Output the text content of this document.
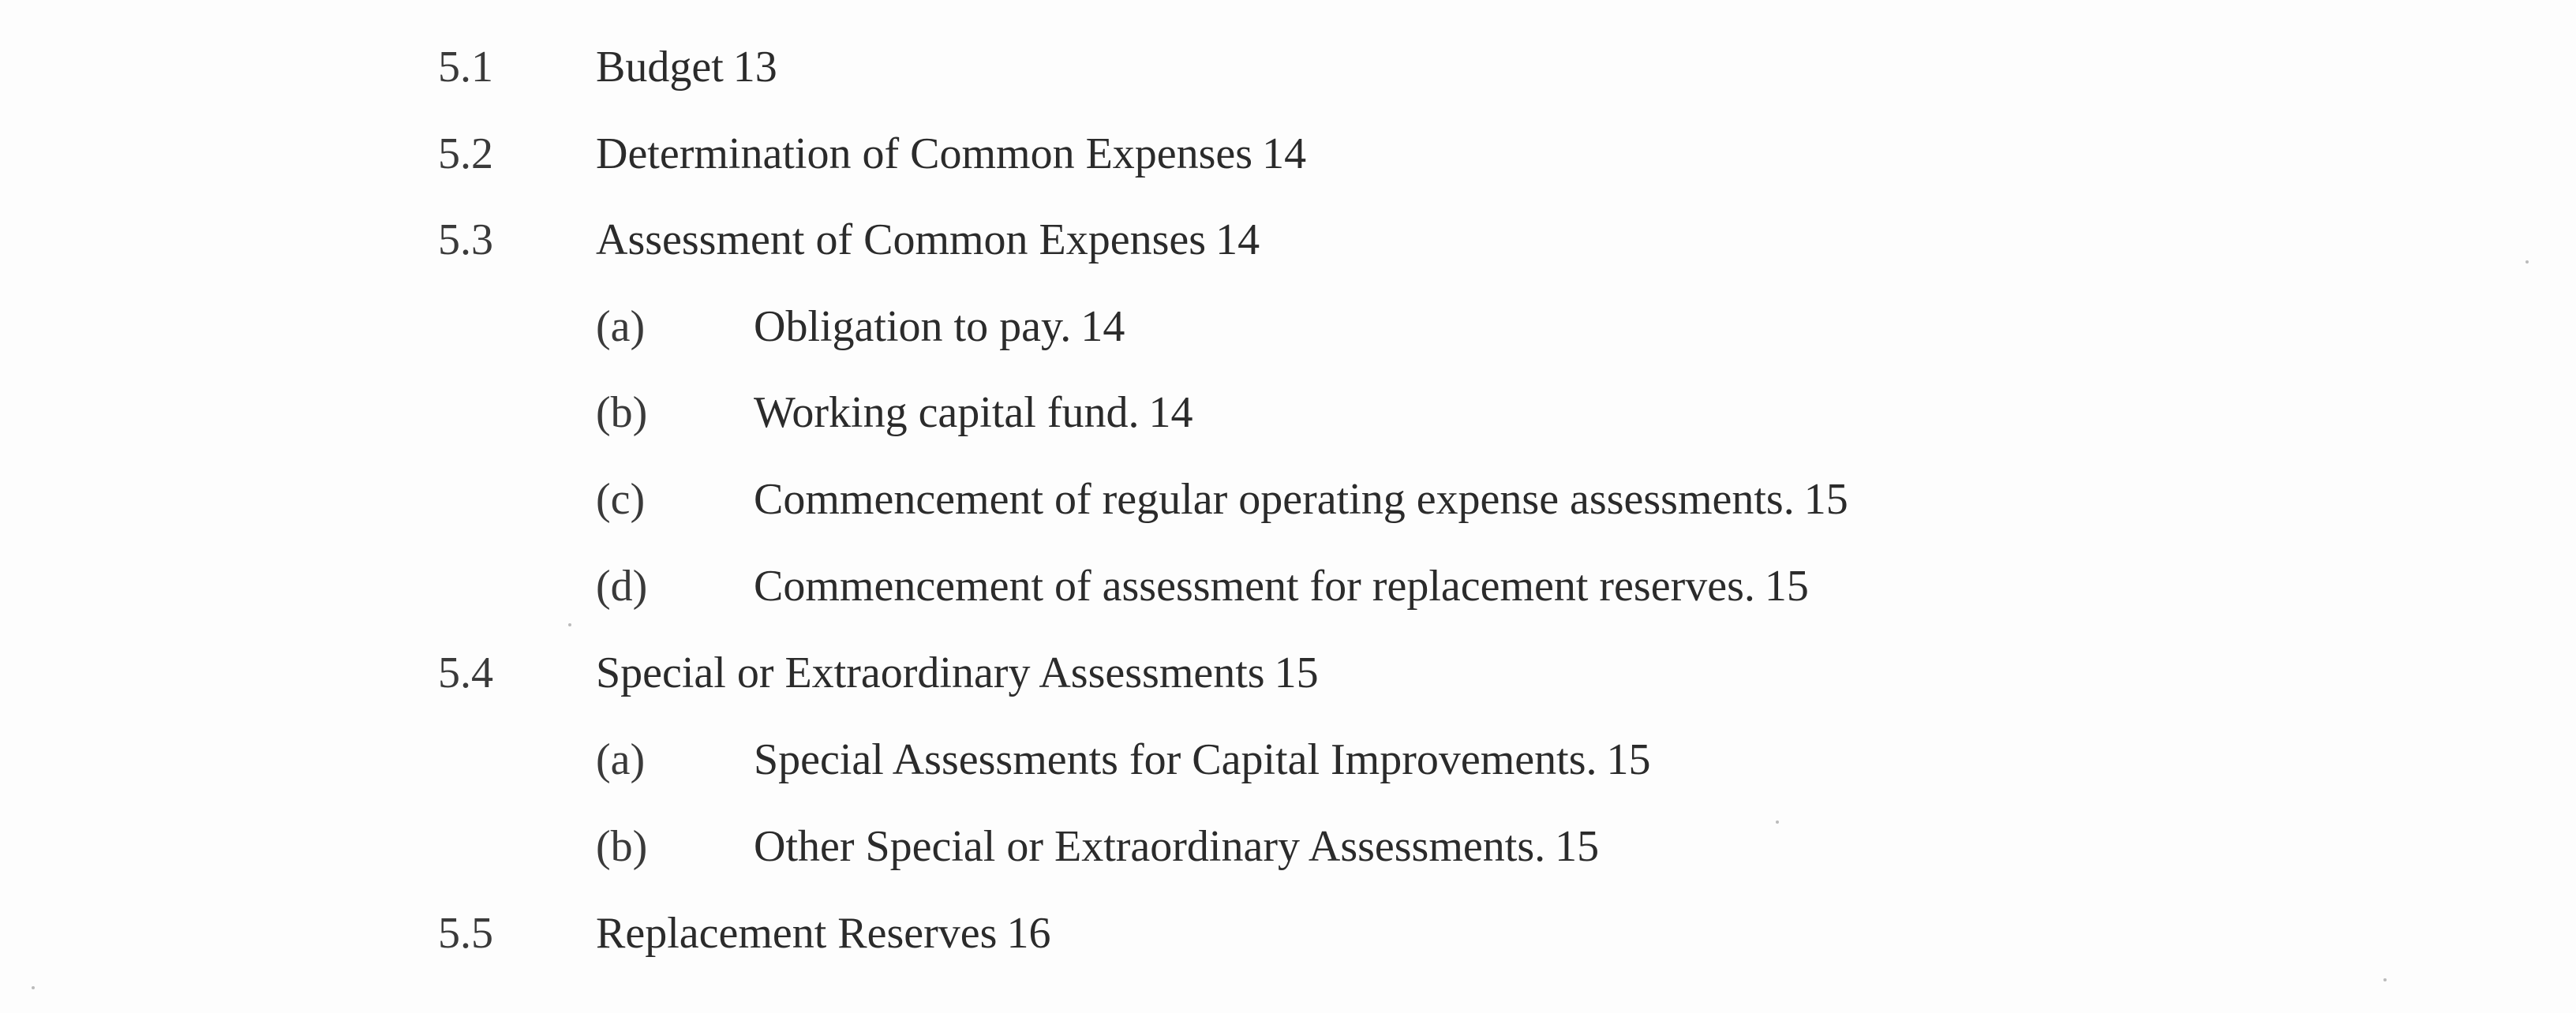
5.1 Budget 13
5.2 Determination of Common Expenses 14
5.3 Assessment of Common Expenses 14
(a) Obligation to pay. 14
(b) Working capital fund. 14
(c) Commencement of regular operating expense assessments. 15
(d) Commencement of assessment for replacement reserves. 15
5.4 Special or Extraordinary Assessments 15
(a) Special Assessments for Capital Improvements. 15
(b) Other Special or Extraordinary Assessments. 15
5.5 Replacement Reserves 16
